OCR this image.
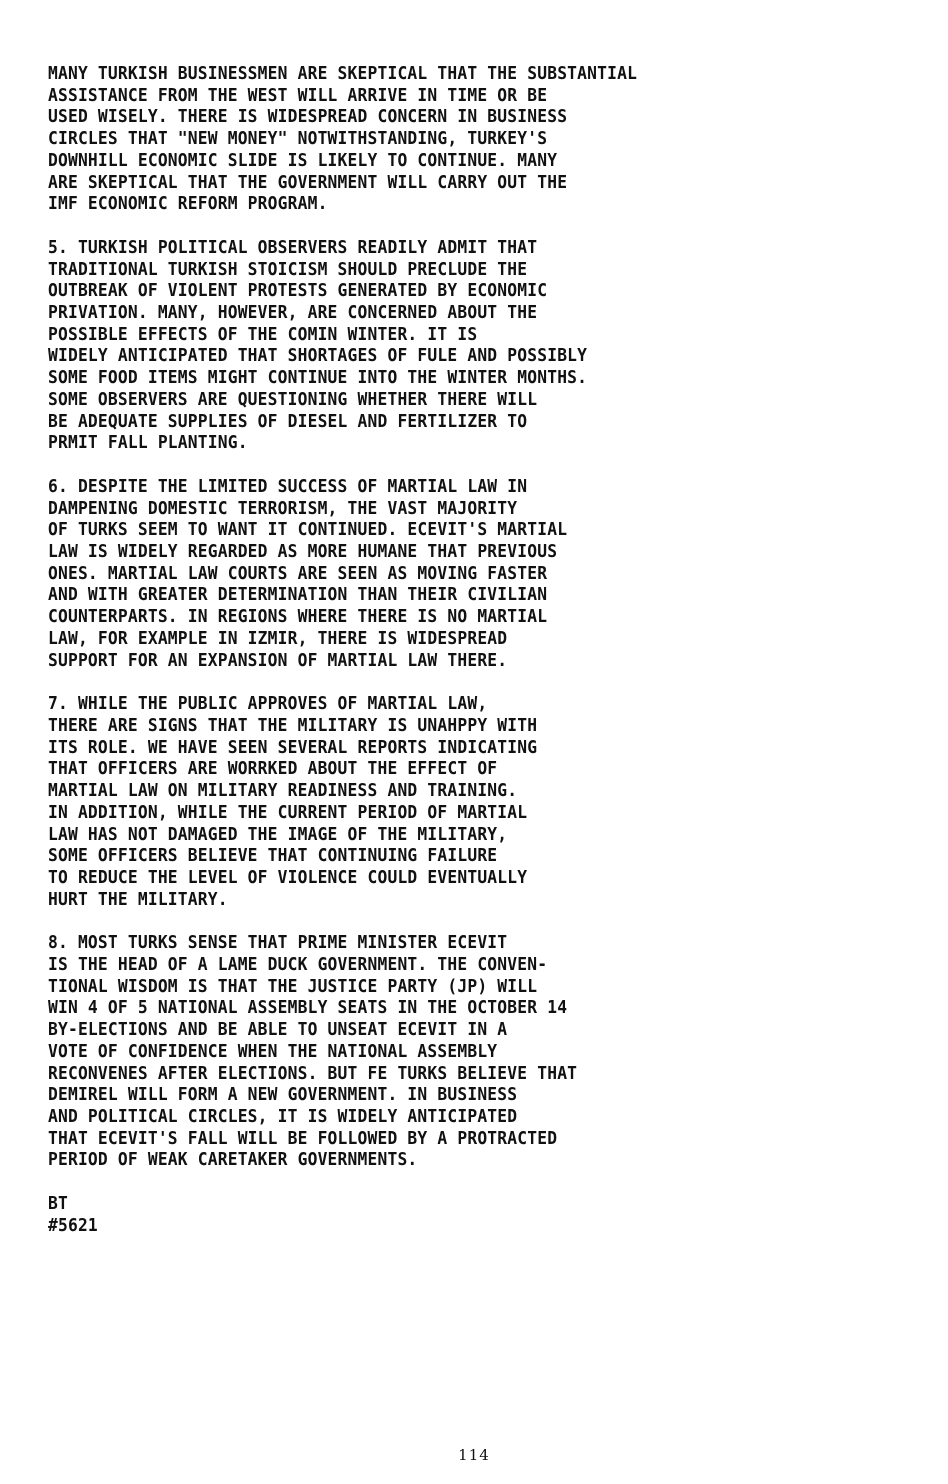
MANY TURKISH BUSINESSMEN ARE SKEPTICAL THAT THE SUBSTANTIAL
ASSISTANCE FROM THE WEST WILL ARRIVE IN TIME OR BE
USED WISELY. THERE IS WIDESPREAD CONCERN IN BUSINESS
CIRCLES THAT "NEW MONEY" NOTWITHSTANDING, TURKEY'S
DOWNHILL ECONOMIC SLIDE IS LIKELY TO CONTINUE. MANY
ARE SKEPTICAL THAT THE GOVERNMENT WILL CARRY OUT THE
IMF ECONOMIC REFORM PROGRAM.
5. TURKISH POLITICAL OBSERVERS READILY ADMIT THAT
TRADITIONAL TURKISH STOICISM SHOULD PRECLUDE THE
OUTBREAK OF VIOLENT PROTESTS GENERATED BY ECONOMIC
PRIVATION. MANY, HOWEVER, ARE CONCERNED ABOUT THE
POSSIBLE EFFECTS OF THE COMIN WINTER. IT IS
WIDELY ANTICIPATED THAT SHORTAGES OF FULE AND POSSIBLY
SOME FOOD ITEMS MIGHT CONTINUE INTO THE WINTER MONTHS.
SOME OBSERVERS ARE QUESTIONING WHETHER THERE WILL
BE ADEQUATE SUPPLIES OF DIESEL AND FERTILIZER TO
PRMIT FALL PLANTING.
6. DESPITE THE LIMITED SUCCESS OF MARTIAL LAW IN
DAMPENING DOMESTIC TERRORISM, THE VAST MAJORITY
OF TURKS SEEM TO WANT IT CONTINUED. ECEVIT'S MARTIAL
LAW IS WIDELY REGARDED AS MORE HUMANE THAT PREVIOUS
ONES. MARTIAL LAW COURTS ARE SEEN AS MOVING FASTER
AND WITH GREATER DETERMINATION THAN THEIR CIVILIAN
COUNTERPARTS. IN REGIONS WHERE THERE IS NO MARTIAL
LAW, FOR EXAMPLE IN IZMIR, THERE IS WIDESPREAD
SUPPORT FOR AN EXPANSION OF MARTIAL LAW THERE.
7. WHILE THE PUBLIC APPROVES OF MARTIAL LAW,
THERE ARE SIGNS THAT THE MILITARY IS UNAHPPY WITH
ITS ROLE. WE HAVE SEEN SEVERAL REPORTS INDICATING
THAT OFFICERS ARE WORRKED ABOUT THE EFFECT OF
MARTIAL LAW ON MILITARY READINESS AND TRAINING.
IN ADDITION, WHILE THE CURRENT PERIOD OF MARTIAL
LAW HAS NOT DAMAGED THE IMAGE OF THE MILITARY,
SOME OFFICERS BELIEVE THAT CONTINUING FAILURE
TO REDUCE THE LEVEL OF VIOLENCE COULD EVENTUALLY
HURT THE MILITARY.
8. MOST TURKS SENSE THAT PRIME MINISTER ECEVIT
IS THE HEAD OF A LAME DUCK GOVERNMENT. THE CONVEN-
TIONAL WISDOM IS THAT THE JUSTICE PARTY (JP) WILL
WIN 4 OF 5 NATIONAL ASSEMBLY SEATS IN THE OCTOBER 14
BY-ELECTIONS AND BE ABLE TO UNSEAT ECEVIT IN A
VOTE OF CONFIDENCE WHEN THE NATIONAL ASSEMBLY
RECONVENES AFTER ELECTIONS. BUT FE TURKS BELIEVE THAT
DEMIREL WILL FORM A NEW GOVERNMENT. IN BUSINESS
AND POLITICAL CIRCLES, IT IS WIDELY ANTICIPATED
THAT ECEVIT'S FALL WILL BE FOLLOWED BY A PROTRACTED
PERIOD OF WEAK CARETAKER GOVERNMENTS.
BT
#5621
114
